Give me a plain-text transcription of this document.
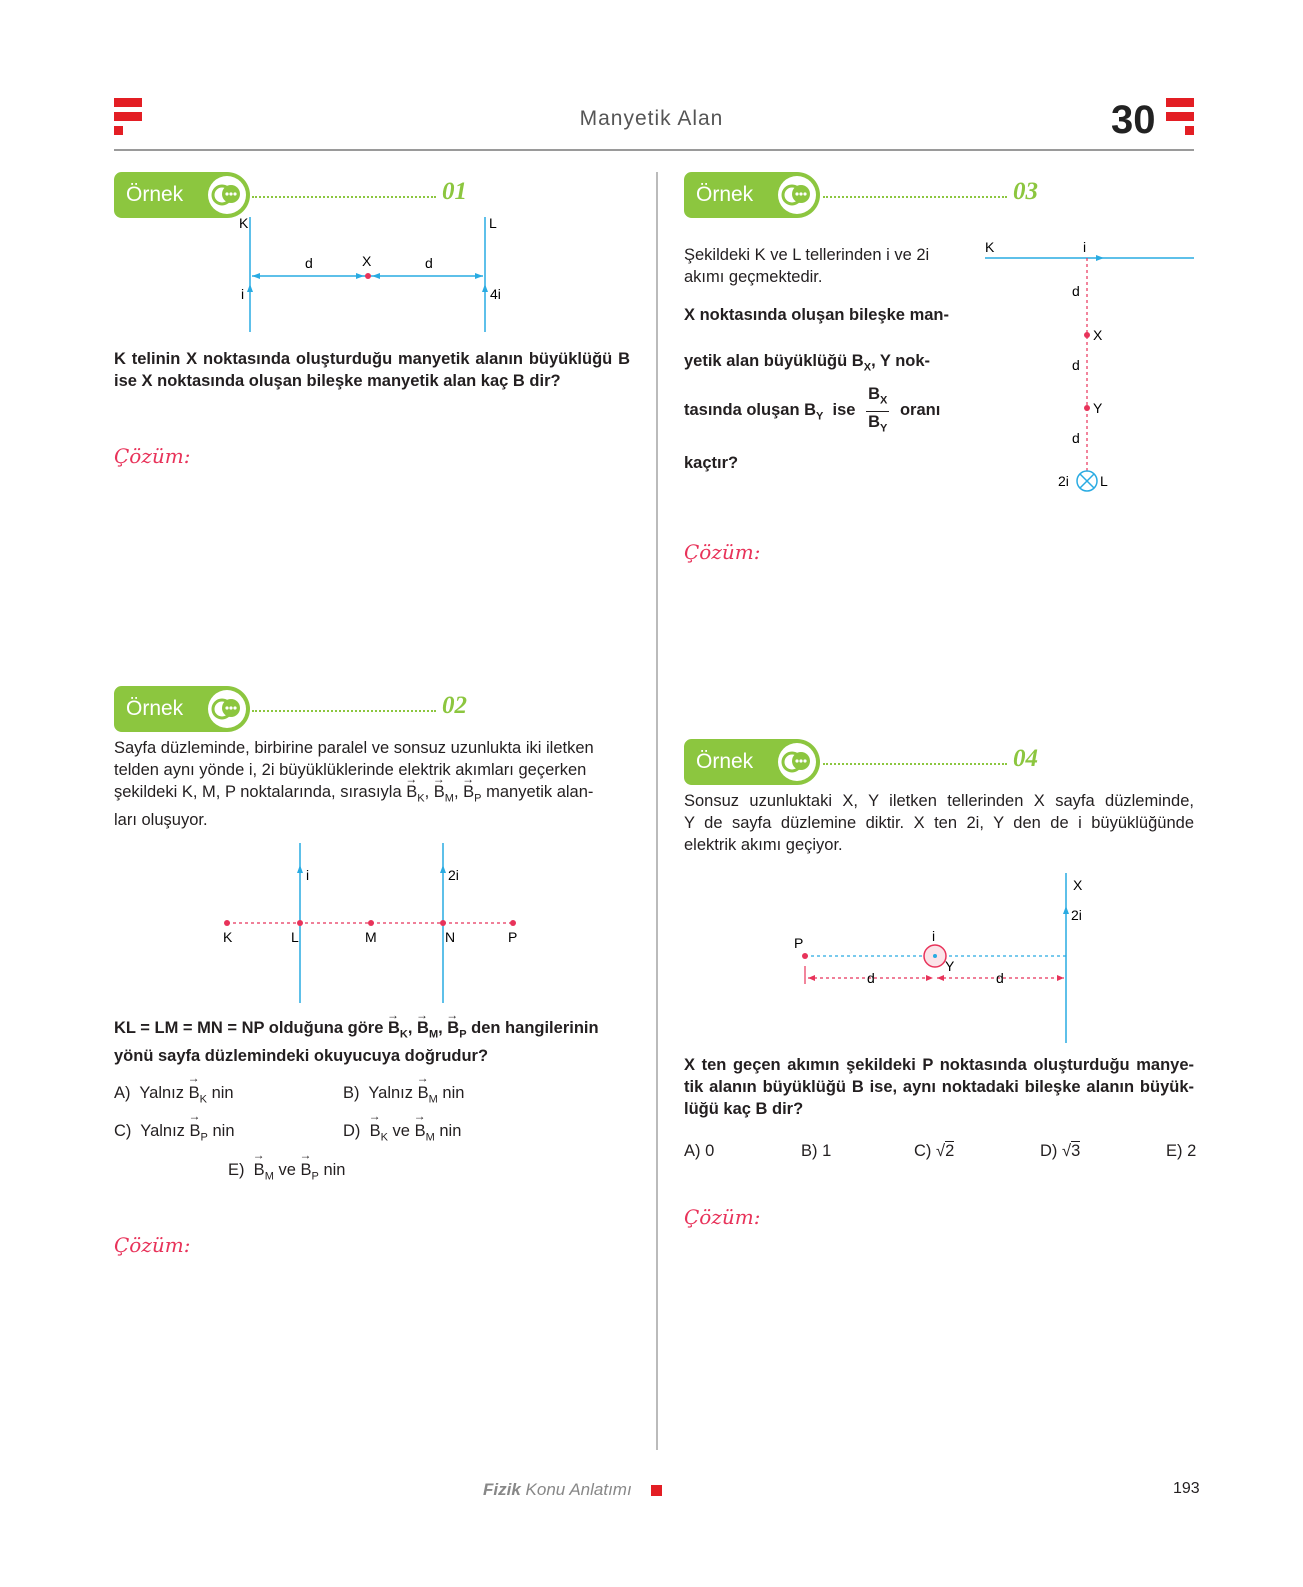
Manyetik Alan	30
Örnek	01
K	L
X
d	d
i	4i
K telinin X noktasında oluşturduğu manyetik alanın büyüklüğü B ise X noktasında oluşan bileşke manyetik alan kaç B dir?
Çözüm:
Örnek	02
Sayfa düzleminde, birbirine paralel ve sonsuz uzunlukta iki iletken
telden aynı yönde i, 2i büyüklüklerinde elektrik akımları geçerken
şekildeki K, M, P noktalarında, sırasıyla → $B_K$, → $B_M$, → $B_P$ manyetik alan-
ları oluşuyor.
i	2i
K	L	M	N	P
KL = LM = MN = NP olduğuna göre → $B_K$, → $B_M$, → $B_P$ den hangilerinin
yönü sayfa düzlemindeki okuyucuya doğrudur?
A) Yalnız → $B_K$ nin	B) Yalnız → $B_M$ nin
C) Yalnız → $B_P$ nin	$D) \to B_K$ ve → $B_M$ nin
$E) \to B_M$ ve → $B_P$ nin
Çözüm:
Örnek	03
Şekildeki K ve L tellerinden i ve 2i
akımı geçmektedir.
X noktasında oluşan bileşke man-
yetik alan büyüklüğü $B_X$, Y nok-
tasında oluşan $B_Y$ ise $\frac{B_X}{B_Y}$ oranı
kaçtır?
K	i
d
X
d
Y
d
2i L
Çözüm:
Örnek	04
Sonsuz uzunluktaki X, Y iletken tellerinden X sayfa düzleminde,
Y de sayfa düzlemine diktir. X ten 2i, Y den de i büyüklüğünde
elektrik akımı geçiyor.
X
2i
P	i
Y
d	d
X ten geçen akımın şekildeki P noktasında oluşturduğu manye-
tik alanın büyüklüğü B ise, aynı noktadaki bileşke alanın büyük-
lüğü kaç B dir?
A) 0	B) 1	C) √2	D) √3	E) 2
Çözüm:
Fizik Konu Anlatımı	193
